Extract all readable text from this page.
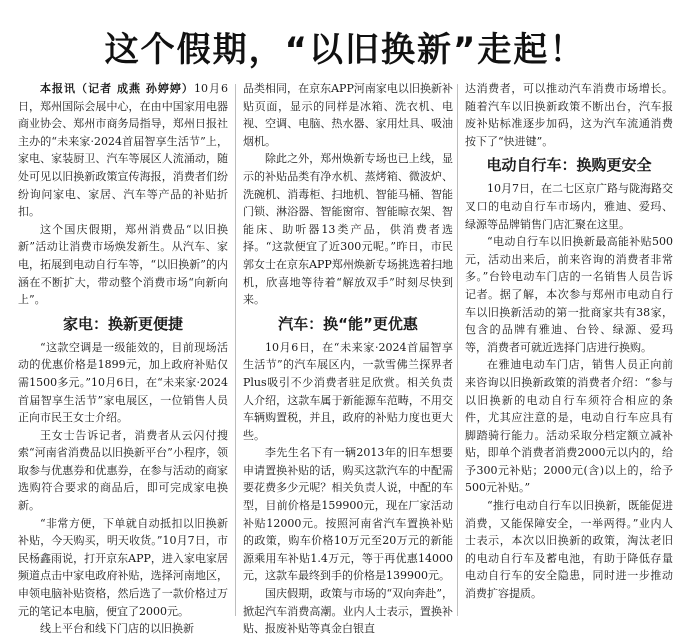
这个假期，“以旧换新”走起！

本报讯（记者 成燕 孙婷婷）10月6日，郑州国际会展中心，在由中国家用电器商业协会、郑州市商务局指导，郑州日报社主办的“未来家·2024首届智享生活节”上，家电、家装厨卫、汽车等展区人流涌动，随处可见以旧换新政策宣传海报，消费者们纷纷询问家电、家居、汽车等产品的补贴折扣。

这个国庆假期，郑州消费品“以旧换新”活动让消费市场焕发新生。从汽车、家电，拓展到电动自行车等，“以旧换新”的内涵在不断扩大，带动整个消费市场“向新向上”。

家电：换新更便捷

“这款空调是一级能效的，目前现场活动的优惠价格是1899元，加上政府补贴仅需1500多元。”10月6日，在“未来家·2024首届智享生活节”家电展区，一位销售人员正向市民王女士介绍。

王女士告诉记者，消费者从云闪付搜索“河南省消费品以旧换新平台”小程序，领取参与优惠券和优惠券，在参与活动的商家选购符合要求的商品后，即可完成家电换新。

“非常方便，下单就自动抵扣以旧换新补贴，今天购买，明天收货。”10月7日，市民杨鑫雨说，打开京东APP，进入家电家居频道点击中家电政府补贴，选择河南地区，申领电脑补贴资格，然后选了一款价格过万元的笔记本电脑，便宜了2000元。

线上平台和线下门店的以旧换新

品类相同，在京东APP河南家电以旧换新补贴页面，显示的同样是冰箱、洗衣机、电视、空调、电脑、热水器、家用灶具、吸油烟机。

除此之外，郑州焕新专场也已上线，显示的补贴品类有净水机、蒸烤箱、微波炉、洗碗机、消毒柜、扫地机、智能马桶、智能门锁、淋浴器、智能窗帘、智能晾衣架、智能床、助听器13类产品，供消费者选择。“这款便宜了近300元呢。”昨日，市民郭女士在京东APP郑州焕新专场挑选着扫地机，欣喜地等待着“解放双手”时刻尽快到来。

汽车：换“能”更优惠

10月6日，在“未来家·2024首届智享生活节”的汽车展区内，一款雪佛兰探界者Plus吸引不少消费者驻足欣赏。相关负责人介绍，这款车属于新能源车范畴，不用交车辆购置税，并且，政府的补贴力度也更大些。

李先生名下有一辆2013年的旧车想要申请置换补贴的话，购买这款汽车的中配需要花费多少元呢？相关负责人说，中配的车型，目前价格是159900元，现在厂家活动补贴12000元。按照河南省汽车置换补贴的政策，购车价格10万元至20万元的新能源乘用车补贴1.4万元，等于再优惠14000元，这款车最终到手的价格是139900元。

国庆假期，政策与市场的“双向奔赴”，掀起汽车消费高潮。业内人士表示，置换补贴、报废补贴等真金白银直

达消费者，可以推动汽车消费市场增长。随着汽车以旧换新政策不断出台，汽车报废补贴标准逐步加码，这为汽车流通消费按下了“快进键”。

电动自行车：换购更安全

10月7日，在二七区京广路与陇海路交叉口的电动自行车市场内，雅迪、爱玛、绿源等品牌销售门店汇聚在这里。

“电动自行车以旧换新最高能补贴500元，活动出来后，前来咨询的消费者非常多。”台铃电动车门店的一名销售人员告诉记者。据了解，本次参与郑州市电动自行车以旧换新活动的第一批商家共有38家，包含的品牌有雅迪、台铃、绿源、爱玛等，消费者可就近选择门店进行换购。

在雅迪电动车门店，销售人员正向前来咨询以旧换新政策的消费者介绍：“参与以旧换新的电动自行车须符合相应的条件，尤其应注意的是，电动自行车应具有脚踏骑行能力。活动采取分档定额立减补贴，即单个消费者消费2000元以内的，给予300元补贴；2000元(含)以上的，给予500元补贴。”

“推行电动自行车以旧换新，既能促进消费，又能保障安全，一举两得。”业内人士表示，本次以旧换新的政策，淘汰老旧的电动自行车及蓄电池，有助于降低存量电动自行车的安全隐患，同时进一步推动消费扩容提质。
